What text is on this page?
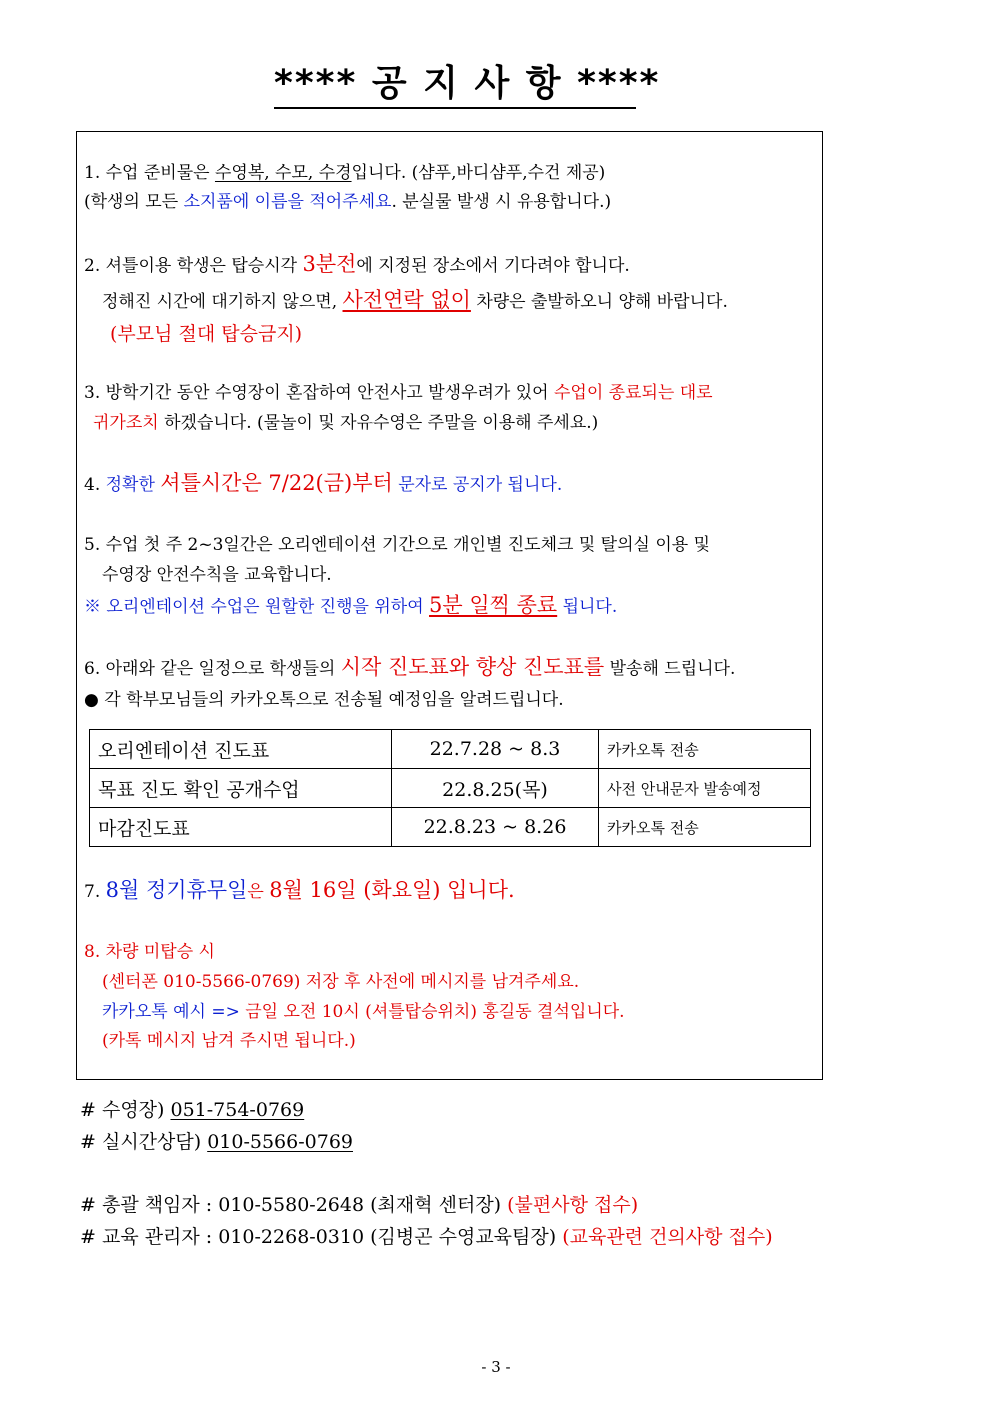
**** 공 지 사 항 ****
1. 수업 준비물은 수영복, 수모, 수경입니다. (샴푸,바디샴푸,수건 제공)
(학생의 모든 소지품에 이름을 적어주세요. 분실물 발생 시 유용합니다.)
2. 셔틀이용 학생은 탑승시각 3분전에 지정된 장소에서 기다려야 합니다.
정해진 시간에 대기하지 않으면, 사전연락 없이 차량은 출발하오니 양해 바랍니다.
(부모님 절대 탑승금지)
3. 방학기간 동안 수영장이 혼잡하여 안전사고 발생우려가 있어 수업이 종료되는 대로
귀가조치 하겠습니다. (물놀이 및 자유수영은 주말을 이용해 주세요.)
4. 정확한 셔틀시간은 7/22(금)부터 문자로 공지가 됩니다.
5. 수업 첫 주 2~3일간은 오리엔테이션 기간으로 개인별 진도체크 및 탈의실 이용 및
수영장 안전수칙을 교육합니다.
※ 오리엔테이션 수업은 원할한 진행을 위하여 5분 일찍 종료 됩니다.
6. 아래와 같은 일정으로 학생들의 시작 진도표와 향상 진도표를 발송해 드립니다.
● 각 학부모님들의 카카오톡으로 전송될 예정임을 알려드립니다.
오리엔테이션 진도표	22.7.28 ~ 8.3	카카오톡 전송
목표 진도 확인 공개수업	22.8.25(목)	사전 안내문자 발송예정
마감진도표	22.8.23 ~ 8.26	카카오톡 전송
7. 8월 정기휴무일은 8월 16일 (화요일) 입니다.
8. 차량 미탑승 시
(센터폰 010-5566-0769) 저장 후 사전에 메시지를 남겨주세요.
카카오톡 예시 => 금일 오전 10시 (셔틀탑승위치) 홍길동 결석입니다.
(카톡 메시지 남겨 주시면 됩니다.)
# 수영장) 051-754-0769
# 실시간상담) 010-5566-0769
# 총괄 책임자 : 010-5580-2648 (최재혁 센터장) (불편사항 접수)
# 교육 관리자 : 010-2268-0310 (김병곤 수영교육팀장) (교육관련 건의사항 접수)
- 3 -
